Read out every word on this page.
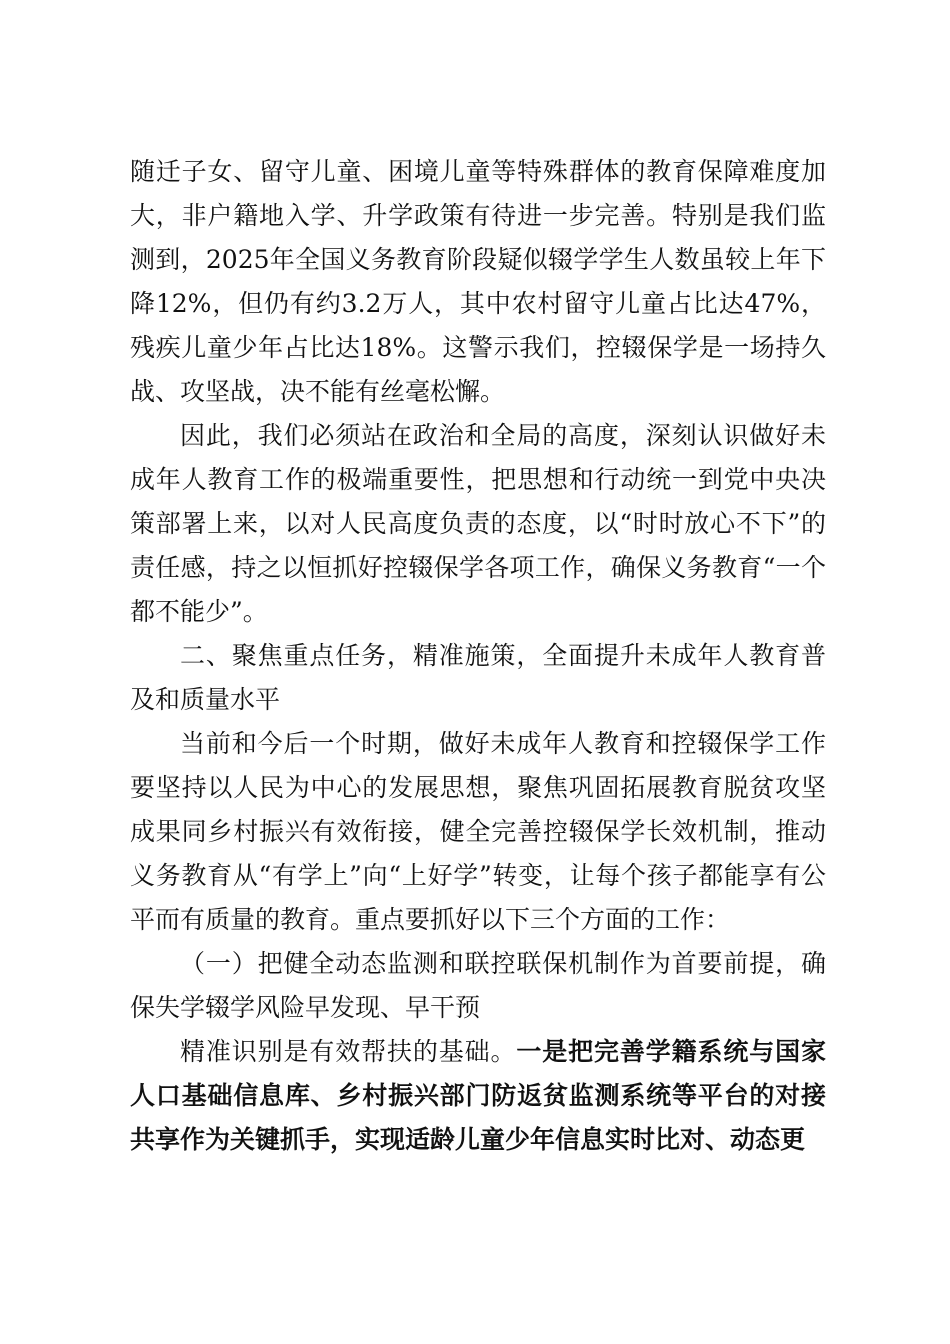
随迁子女、留守儿童、困境儿童等特殊群体的教育保障难度加大，非户籍地入学、升学政策有待进一步完善。特别是我们监测到，2025年全国义务教育阶段疑似辍学学生人数虽较上年下降12%，但仍有约3.2万人，其中农村留守儿童占比达47%，残疾儿童少年占比达18%。这警示我们，控辍保学是一场持久战、攻坚战，决不能有丝毫松懈。

因此，我们必须站在政治和全局的高度，深刻认识做好未成年人教育工作的极端重要性，把思想和行动统一到党中央决策部署上来，以对人民高度负责的态度，以“时时放心不下”的责任感，持之以恒抓好控辍保学各项工作，确保义务教育“一个都不能少”。

二、聚焦重点任务，精准施策，全面提升未成年人教育普及和质量水平

当前和今后一个时期，做好未成年人教育和控辍保学工作要坚持以人民为中心的发展思想，聚焦巩固拓展教育脱贫攻坚成果同乡村振兴有效衔接，健全完善控辍保学长效机制，推动义务教育从“有学上”向“上好学”转变，让每个孩子都能享有公平而有质量的教育。重点要抓好以下三个方面的工作：

（一）把健全动态监测和联控联保机制作为首要前提，确保失学辍学风险早发现、早干预

精准识别是有效帮扶的基础。一是把完善学籍系统与国家人口基础信息库、乡村振兴部门防返贫监测系统等平台的对接共享作为关键抓手，实现适龄儿童少年信息实时比对、动态更
